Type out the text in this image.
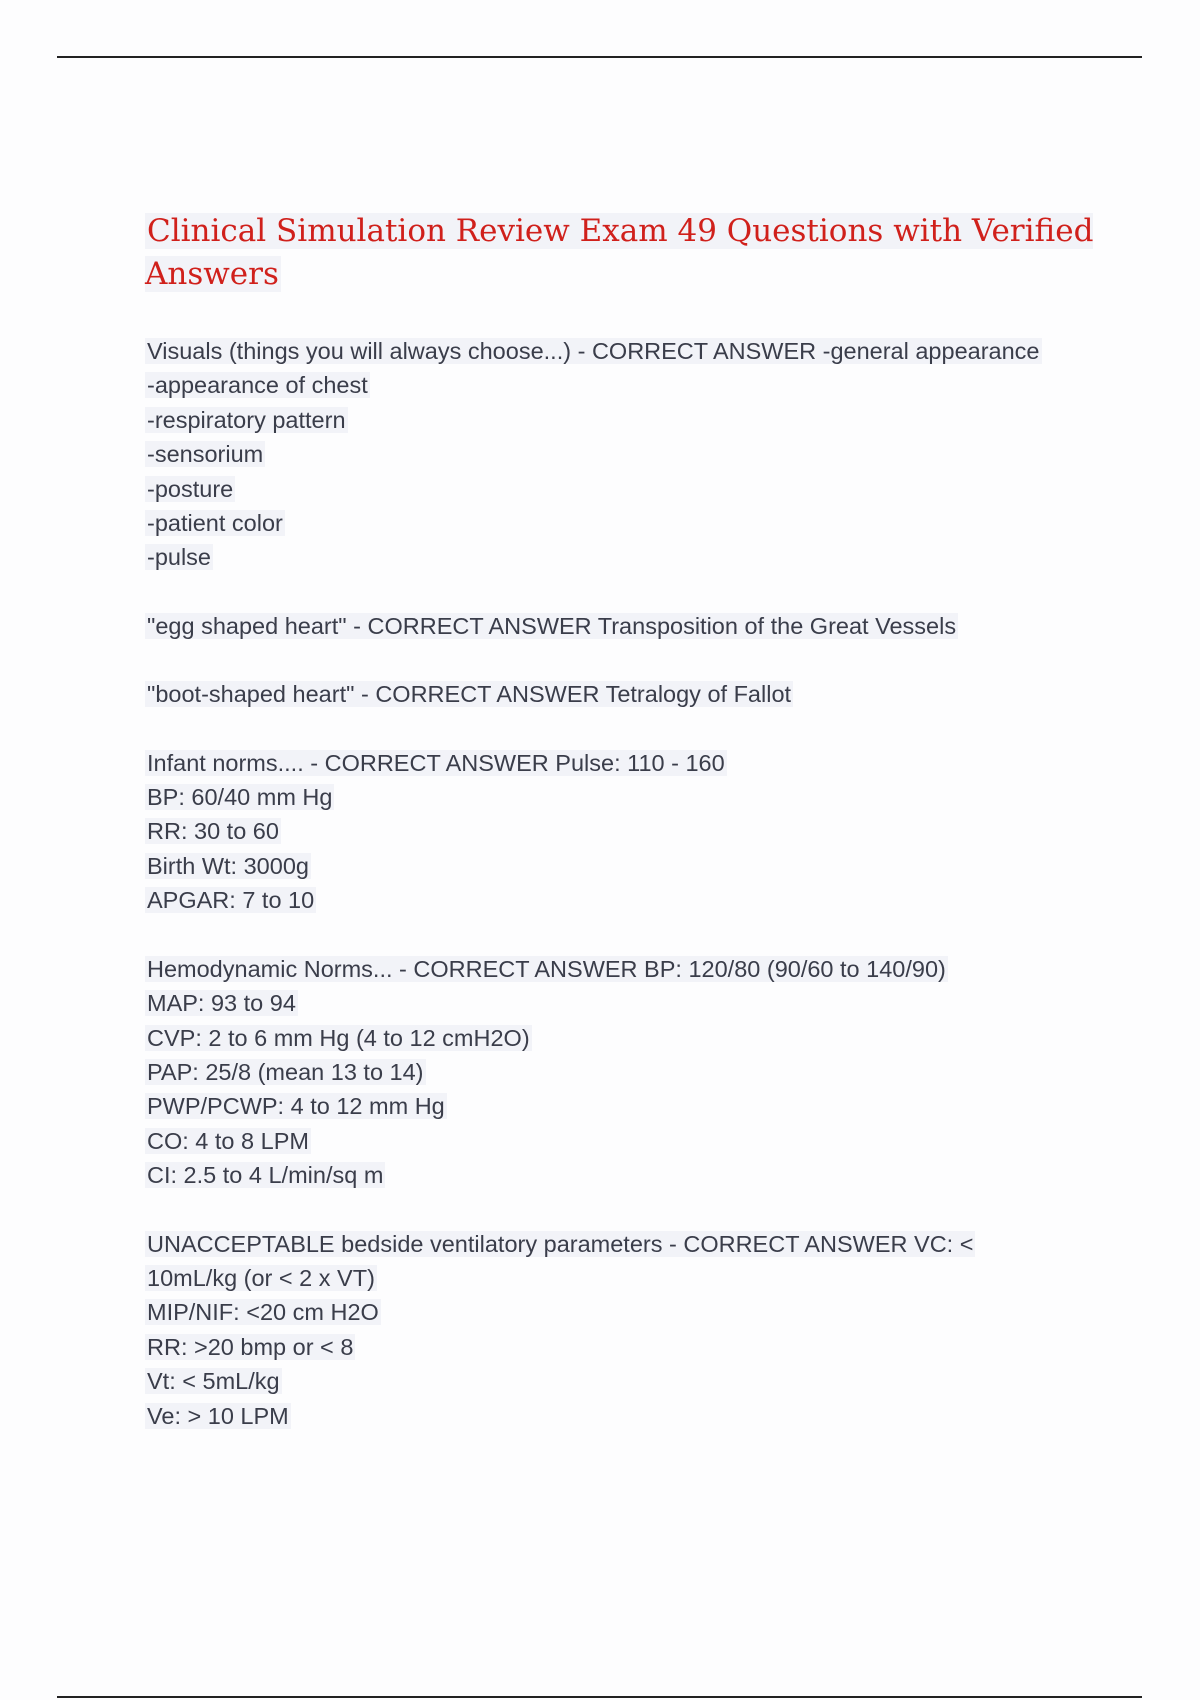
Clinical Simulation Review Exam 49 Questions with Verified Answers
Visuals (things you will always choose...) - CORRECT ANSWER -general appearance
-appearance of chest
-respiratory pattern
-sensorium
-posture
-patient color
-pulse
"egg shaped heart" - CORRECT ANSWER Transposition of the Great Vessels
"boot-shaped heart" - CORRECT ANSWER Tetralogy of Fallot
Infant norms.... - CORRECT ANSWER Pulse: 110 - 160
BP: 60/40 mm Hg
RR: 30 to 60
Birth Wt: 3000g
APGAR: 7 to 10
Hemodynamic Norms... - CORRECT ANSWER BP: 120/80 (90/60 to 140/90)
MAP: 93 to 94
CVP: 2 to 6 mm Hg (4 to 12 cmH2O)
PAP: 25/8 (mean 13 to 14)
PWP/PCWP: 4 to 12 mm Hg
CO: 4 to 8 LPM
CI: 2.5 to 4 L/min/sq m
UNACCEPTABLE bedside ventilatory parameters - CORRECT ANSWER VC: <
10mL/kg (or < 2 x VT)
MIP/NIF: <20 cm H2O
RR: >20 bmp or < 8
Vt: < 5mL/kg
Ve: > 10 LPM
